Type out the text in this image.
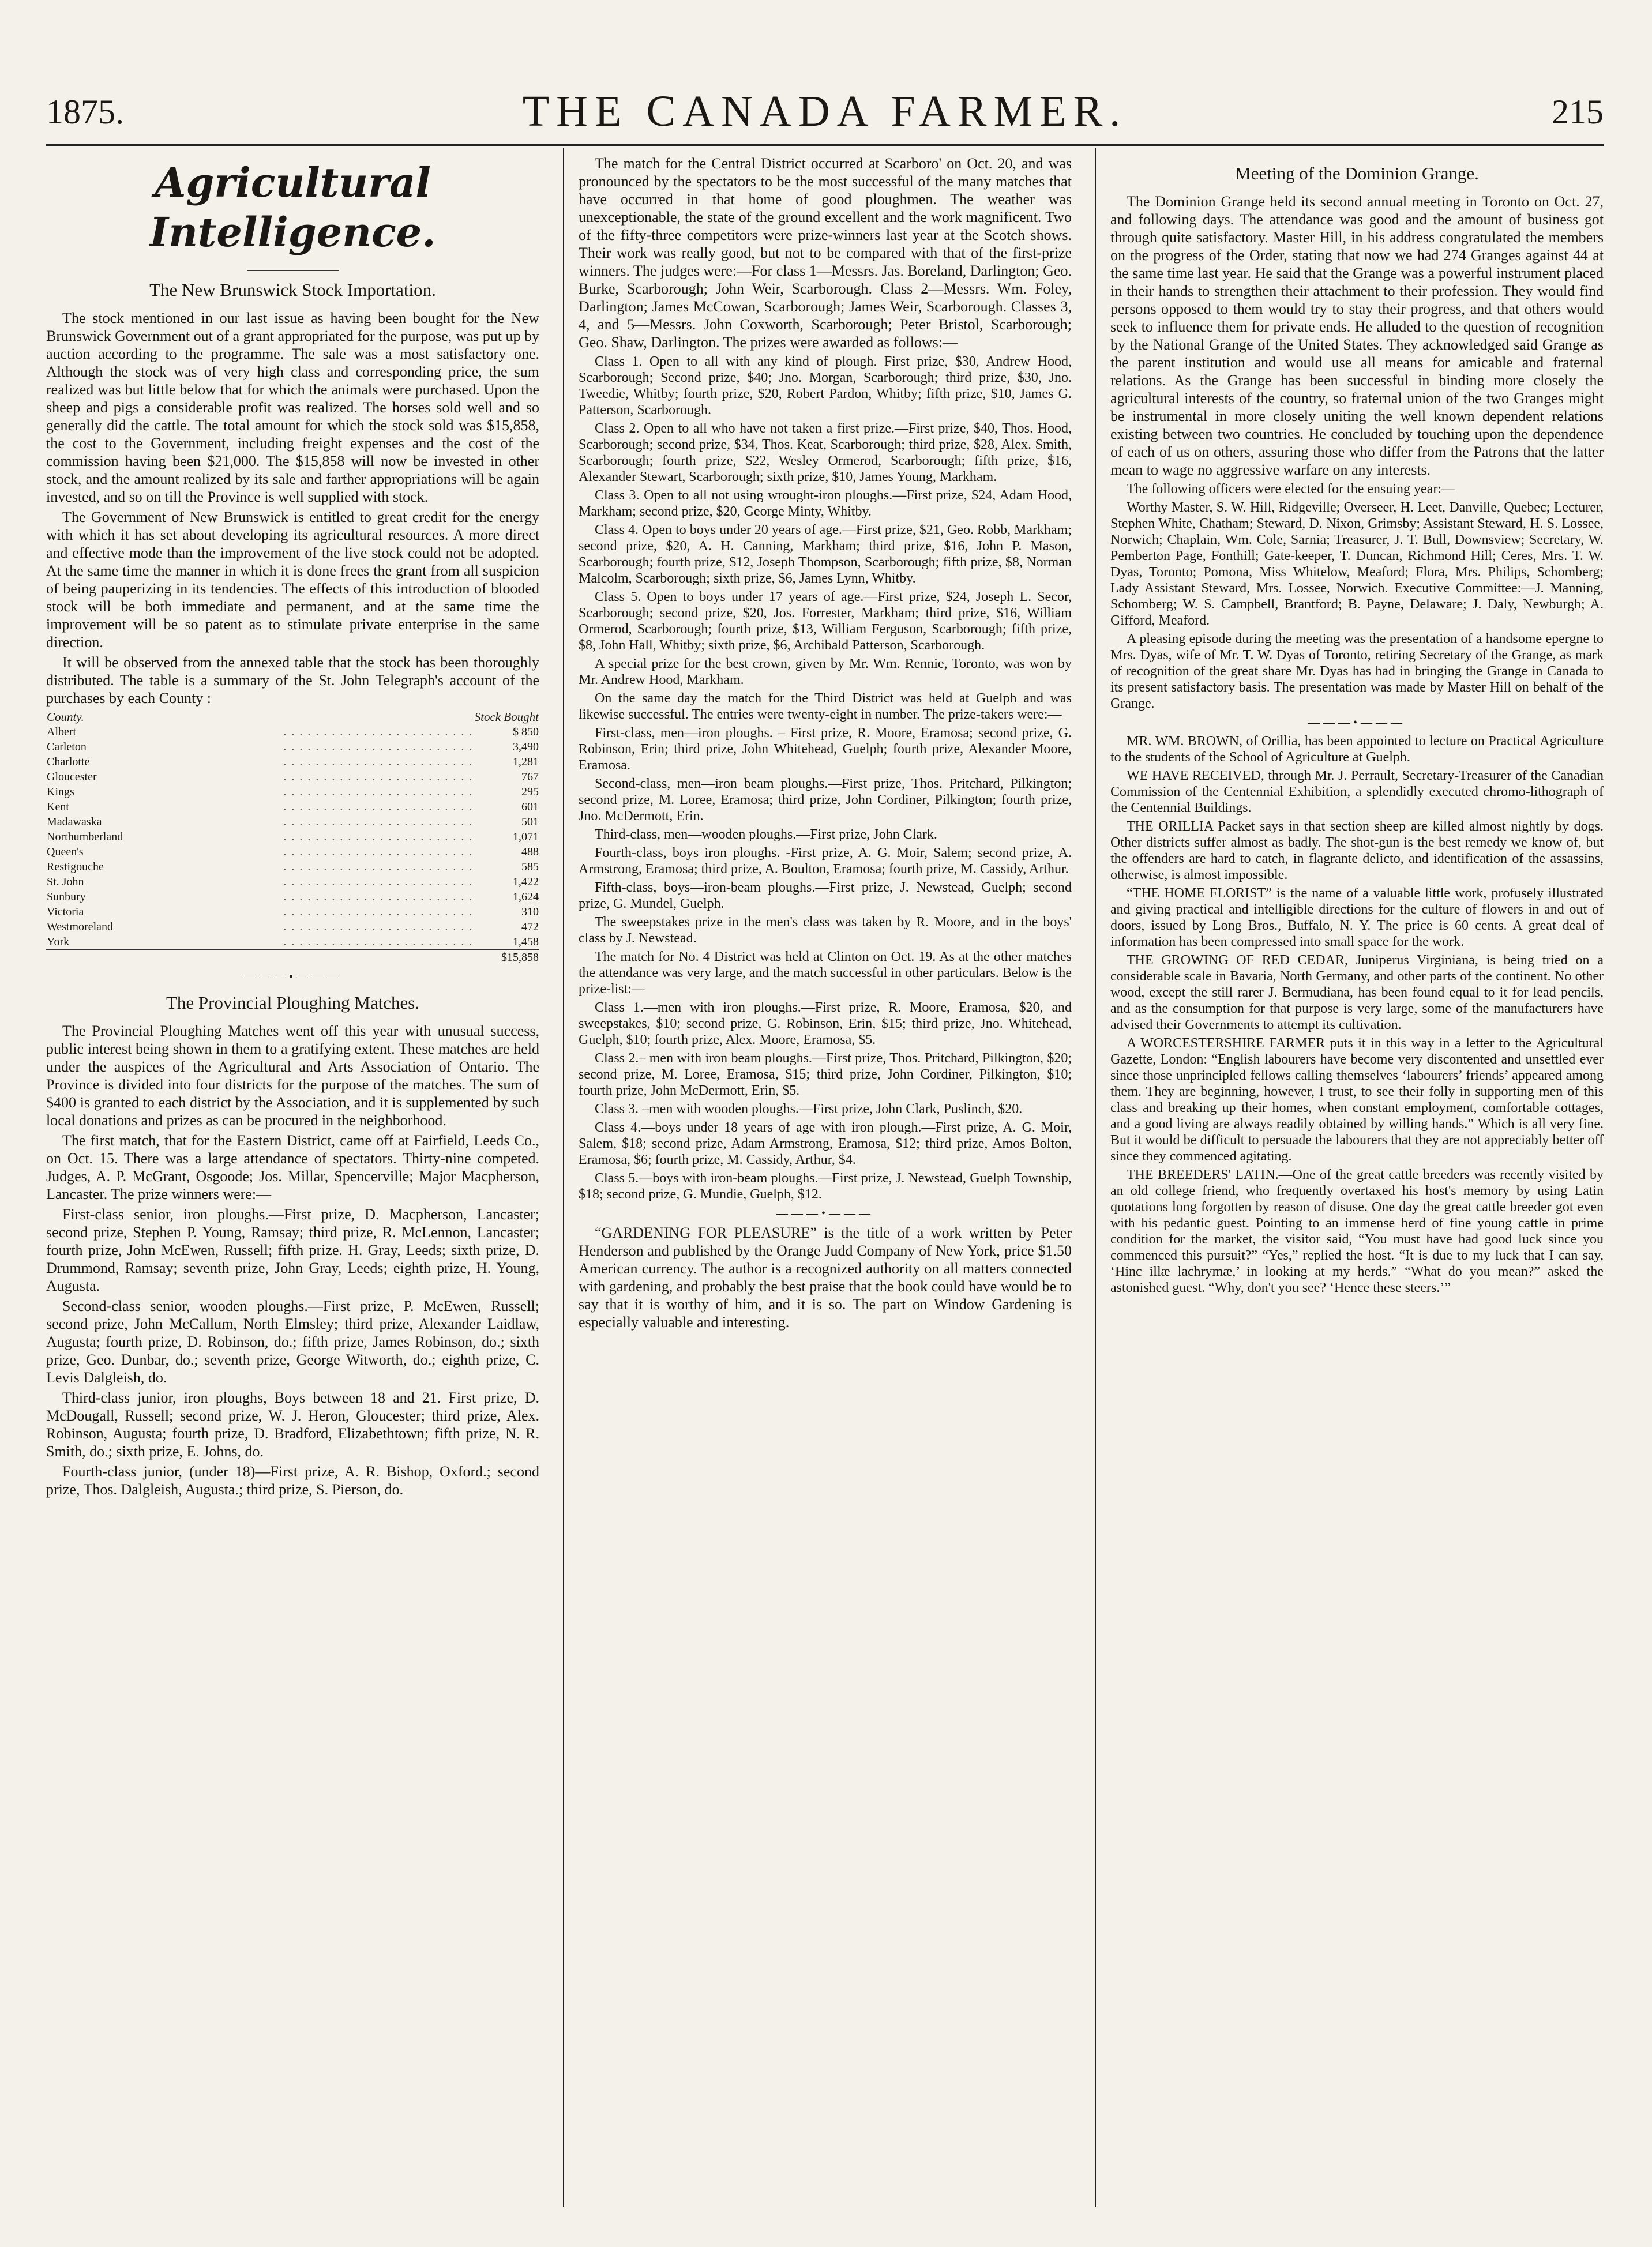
1875.	THE CANADA FARMER.	215
Agricultural Intelligence.
The New Brunswick Stock Importation.

The stock mentioned in our last issue as having been bought for the New Brunswick Government out of a grant appropriated for the purpose, was put up by auction according to the programme. The sale was a most satisfactory one. Although the stock was of very high class and corresponding price, the sum realized was but little below that for which the animals were purchased. Upon the sheep and pigs a considerable profit was realized. The horses sold well and so generally did the cattle. The total amount for which the stock sold was $15,858, the cost to the Government, including freight expenses and the cost of the commission having been $21,000. The $15,858 will now be invested in other stock, and the amount realized by its sale and farther appropriations will be again invested, and so on till the Province is well supplied with stock.

The Government of New Brunswick is entitled to great credit for the energy with which it has set about developing its agricultural resources. A more direct and effective mode than the improvement of the live stock could not be adopted. At the same time the manner in which it is done frees the grant from all suspicion of being pauperizing in its tendencies. The effects of this introduction of blooded stock will be both immediate and permanent, and at the same time the improvement will be so patent as to stimulate private enterprise in the same direction.

It will be observed from the annexed table that the stock has been thoroughly distributed. The table is a summary of the St. John Telegraph's account of the purchases by each County :

County.		Stock Bought
Albert	. . . . . . . . . . . . . . . . . . . . . . . .	$ 850
Carleton	. . . . . . . . . . . . . . . . . . . . . . . .	3,490
Charlotte	. . . . . . . . . . . . . . . . . . . . . . . .	1,281
Gloucester	. . . . . . . . . . . . . . . . . . . . . . . .	767
Kings	. . . . . . . . . . . . . . . . . . . . . . . .	295
Kent	. . . . . . . . . . . . . . . . . . . . . . . .	601
Madawaska	. . . . . . . . . . . . . . . . . . . . . . . .	501
Northumberland	. . . . . . . . . . . . . . . . . . . . . . . .	1,071
Queen's	. . . . . . . . . . . . . . . . . . . . . . . .	488
Restigouche	. . . . . . . . . . . . . . . . . . . . . . . .	585
St. John	. . . . . . . . . . . . . . . . . . . . . . . .	1,422
Sunbury	. . . . . . . . . . . . . . . . . . . . . . . .	1,624
Victoria	. . . . . . . . . . . . . . . . . . . . . . . .	310
Westmoreland	. . . . . . . . . . . . . . . . . . . . . . . .	472
York	. . . . . . . . . . . . . . . . . . . . . . . .	1,458
		$15,858
———•———
The Provincial Ploughing Matches.

The Provincial Ploughing Matches went off this year with unusual success, public interest being shown in them to a gratifying extent. These matches are held under the auspices of the Agricultural and Arts Association of Ontario. The Province is divided into four districts for the purpose of the matches. The sum of $400 is granted to each district by the Association, and it is supplemented by such local donations and prizes as can be procured in the neighborhood.

The first match, that for the Eastern District, came off at Fairfield, Leeds Co., on Oct. 15. There was a large attendance of spectators. Thirty-nine competed. Judges, A. P. McGrant, Osgoode; Jos. Millar, Spencerville; Major Macpherson, Lancaster. The prize winners were:—

First-class senior, iron ploughs.—First prize, D. Macpherson, Lancaster; second prize, Stephen P. Young, Ramsay; third prize, R. McLennon, Lancaster; fourth prize, John McEwen, Russell; fifth prize. H. Gray, Leeds; sixth prize, D. Drummond, Ramsay; seventh prize, John Gray, Leeds; eighth prize, H. Young, Augusta.

Second-class senior, wooden ploughs.—First prize, P. McEwen, Russell; second prize, John McCallum, North Elmsley; third prize, Alexander Laidlaw, Augusta; fourth prize, D. Robinson, do.; fifth prize, James Robinson, do.; sixth prize, Geo. Dunbar, do.; seventh prize, George Witworth, do.; eighth prize, C. Levis Dalgleish, do.

Third-class junior, iron ploughs, Boys between 18 and 21. First prize, D. McDougall, Russell; second prize, W. J. Heron, Gloucester; third prize, Alex. Robinson, Augusta; fourth prize, D. Bradford, Elizabethtown; fifth prize, N. R. Smith, do.; sixth prize, E. Johns, do.

Fourth-class junior, (under 18)—First prize, A. R. Bishop, Oxford.; second prize, Thos. Dalgleish, Augusta.; third prize, S. Pierson, do.

The match for the Central District occurred at Scarboro' on Oct. 20, and was pronounced by the spectators to be the most successful of the many matches that have occurred in that home of good ploughmen. The weather was unexceptionable, the state of the ground excellent and the work magnificent. Two of the fifty-three competitors were prize-winners last year at the Scotch shows. Their work was really good, but not to be compared with that of the first-prize winners. The judges were:—For class 1—Messrs. Jas. Boreland, Darlington; Geo. Burke, Scarborough; John Weir, Scarborough. Class 2—Messrs. Wm. Foley, Darlington; James McCowan, Scarborough; James Weir, Scarborough. Classes 3, 4, and 5—Messrs. John Coxworth, Scarborough; Peter Bristol, Scarborough; Geo. Shaw, Darlington. The prizes were awarded as follows:—

Class 1. Open to all with any kind of plough. First prize, $30, Andrew Hood, Scarborough; Second prize, $40; Jno. Morgan, Scarborough; third prize, $30, Jno. Tweedie, Whitby; fourth prize, $20, Robert Pardon, Whitby; fifth prize, $10, James G. Patterson, Scarborough.

Class 2. Open to all who have not taken a first prize.—First prize, $40, Thos. Hood, Scarborough; second prize, $34, Thos. Keat, Scarborough; third prize, $28, Alex. Smith, Scarborough; fourth prize, $22, Wesley Ormerod, Scarborough; fifth prize, $16, Alexander Stewart, Scarborough; sixth prize, $10, James Young, Markham.

Class 3. Open to all not using wrought-iron ploughs.—First prize, $24, Adam Hood, Markham; second prize, $20, George Minty, Whitby.

Class 4. Open to boys under 20 years of age.—First prize, $21, Geo. Robb, Markham; second prize, $20, A. H. Canning, Markham; third prize, $16, John P. Mason, Scarborough; fourth prize, $12, Joseph Thompson, Scarborough; fifth prize, $8, Norman Malcolm, Scarborough; sixth prize, $6, James Lynn, Whitby.

Class 5. Open to boys under 17 years of age.—First prize, $24, Joseph L. Secor, Scarborough; second prize, $20, Jos. Forrester, Markham; third prize, $16, William Ormerod, Scarborough; fourth prize, $13, William Ferguson, Scarborough; fifth prize, $8, John Hall, Whitby; sixth prize, $6, Archibald Patterson, Scarborough.

A special prize for the best crown, given by Mr. Wm. Rennie, Toronto, was won by Mr. Andrew Hood, Markham.

On the same day the match for the Third District was held at Guelph and was likewise successful. The entries were twenty-eight in number. The prize-takers were:—

First-class, men—iron ploughs. – First prize, R. Moore, Eramosa; second prize, G. Robinson, Erin; third prize, John Whitehead, Guelph; fourth prize, Alexander Moore, Eramosa.

Second-class, men—iron beam ploughs.—First prize, Thos. Pritchard, Pilkington; second prize, M. Loree, Eramosa; third prize, John Cordiner, Pilkington; fourth prize, Jno. McDermott, Erin.

Third-class, men—wooden ploughs.—First prize, John Clark.

Fourth-class, boys iron ploughs. -First prize, A. G. Moir, Salem; second prize, A. Armstrong, Eramosa; third prize, A. Boulton, Eramosa; fourth prize, M. Cassidy, Arthur.

Fifth-class, boys—iron-beam ploughs.—First prize, J. Newstead, Guelph; second prize, G. Mundel, Guelph.

The sweepstakes prize in the men's class was taken by R. Moore, and in the boys' class by J. Newstead.

The match for No. 4 District was held at Clinton on Oct. 19. As at the other matches the attendance was very large, and the match successful in other particulars. Below is the prize-list:—

Class 1.—men with iron ploughs.—First prize, R. Moore, Eramosa, $20, and sweepstakes, $10; second prize, G. Robinson, Erin, $15; third prize, Jno. Whitehead, Guelph, $10; fourth prize, Alex. Moore, Eramosa, $5.

Class 2.– men with iron beam ploughs.—First prize, Thos. Pritchard, Pilkington, $20; second prize, M. Loree, Eramosa, $15; third prize, John Cordiner, Pilkington, $10; fourth prize, John McDermott, Erin, $5.

Class 3. –men with wooden ploughs.—First prize, John Clark, Puslinch, $20.

Class 4.—boys under 18 years of age with iron plough.—First prize, A. G. Moir, Salem, $18; second prize, Adam Armstrong, Eramosa, $12; third prize, Amos Bolton, Eramosa, $6; fourth prize, M. Cassidy, Arthur, $4.

Class 5.—boys with iron-beam ploughs.—First prize, J. Newstead, Guelph Township, $18; second prize, G. Mundie, Guelph, $12.

———•———

“GARDENING FOR PLEASURE” is the title of a work written by Peter Henderson and published by the Orange Judd Company of New York, price $1.50 American currency. The author is a recognized authority on all matters connected with gardening, and probably the best praise that the book could have would be to say that it is worthy of him, and it is so. The part on Window Gardening is especially valuable and interesting.

Meeting of the Dominion Grange.

The Dominion Grange held its second annual meeting in Toronto on Oct. 27, and following days. The attendance was good and the amount of business got through quite satisfactory. Master Hill, in his address congratulated the members on the progress of the Order, stating that now we had 274 Granges against 44 at the same time last year. He said that the Grange was a powerful instrument placed in their hands to strengthen their attachment to their profession. They would find persons opposed to them would try to stay their progress, and that others would seek to influence them for private ends. He alluded to the question of recognition by the National Grange of the United States. They acknowledged said Grange as the parent institution and would use all means for amicable and fraternal relations. As the Grange has been successful in binding more closely the agricultural interests of the country, so fraternal union of the two Granges might be instrumental in more closely uniting the well known dependent relations existing between two countries. He concluded by touching upon the dependence of each of us on others, assuring those who differ from the Patrons that the latter mean to wage no aggressive warfare on any interests.

The following officers were elected for the ensuing year:—

Worthy Master, S. W. Hill, Ridgeville; Overseer, H. Leet, Danville, Quebec; Lecturer, Stephen White, Chatham; Steward, D. Nixon, Grimsby; Assistant Steward, H. S. Lossee, Norwich; Chaplain, Wm. Cole, Sarnia; Treasurer, J. T. Bull, Downsview; Secretary, W. Pemberton Page, Fonthill; Gate-keeper, T. Duncan, Richmond Hill; Ceres, Mrs. T. W. Dyas, Toronto; Pomona, Miss Whitelow, Meaford; Flora, Mrs. Philips, Schomberg; Lady Assistant Steward, Mrs. Lossee, Norwich. Executive Committee:—J. Manning, Schomberg; W. S. Campbell, Brantford; B. Payne, Delaware; J. Daly, Newburgh; A. Gifford, Meaford.

A pleasing episode during the meeting was the presentation of a handsome epergne to Mrs. Dyas, wife of Mr. T. W. Dyas of Toronto, retiring Secretary of the Grange, as mark of recognition of the great share Mr. Dyas has had in bringing the Grange in Canada to its present satisfactory basis. The presentation was made by Master Hill on behalf of the Grange.

———•———

MR. WM. BROWN, of Orillia, has been appointed to lecture on Practical Agriculture to the students of the School of Agriculture at Guelph.

WE HAVE RECEIVED, through Mr. J. Perrault, Secretary-Treasurer of the Canadian Commission of the Centennial Exhibition, a splendidly executed chromo-lithograph of the Centennial Buildings.

THE ORILLIA Packet says in that section sheep are killed almost nightly by dogs. Other districts suffer almost as badly. The shot-gun is the best remedy we know of, but the offenders are hard to catch, in flagrante delicto, and identification of the assassins, otherwise, is almost impossible.

“THE HOME FLORIST” is the name of a valuable little work, profusely illustrated and giving practical and intelligible directions for the culture of flowers in and out of doors, issued by Long Bros., Buffalo, N. Y. The price is 60 cents. A great deal of information has been compressed into small space for the work.

THE GROWING OF RED CEDAR, Juniperus Virginiana, is being tried on a considerable scale in Bavaria, North Germany, and other parts of the continent. No other wood, except the still rarer J. Bermudiana, has been found equal to it for lead pencils, and as the consumption for that purpose is very large, some of the manufacturers have advised their Governments to attempt its cultivation.

A WORCESTERSHIRE FARMER puts it in this way in a letter to the Agricultural Gazette, London: “English labourers have become very discontented and unsettled ever since those unprincipled fellows calling themselves ‘labourers’ friends’ appeared among them. They are beginning, however, I trust, to see their folly in supporting men of this class and breaking up their homes, when constant employment, comfortable cottages, and a good living are always readily obtained by willing hands.” Which is all very fine. But it would be difficult to persuade the labourers that they are not appreciably better off since they commenced agitating.

THE BREEDERS' LATIN.—One of the great cattle breeders was recently visited by an old college friend, who frequently overtaxed his host's memory by using Latin quotations long forgotten by reason of disuse. One day the great cattle breeder got even with his pedantic guest. Pointing to an immense herd of fine young cattle in prime condition for the market, the visitor said, “You must have had good luck since you commenced this pursuit?” “Yes,” replied the host. “It is due to my luck that I can say, ‘Hinc illæ lachrymæ,’ in looking at my herds.” “What do you mean?” asked the astonished guest. “Why, don't you see? ‘Hence these steers.’”
